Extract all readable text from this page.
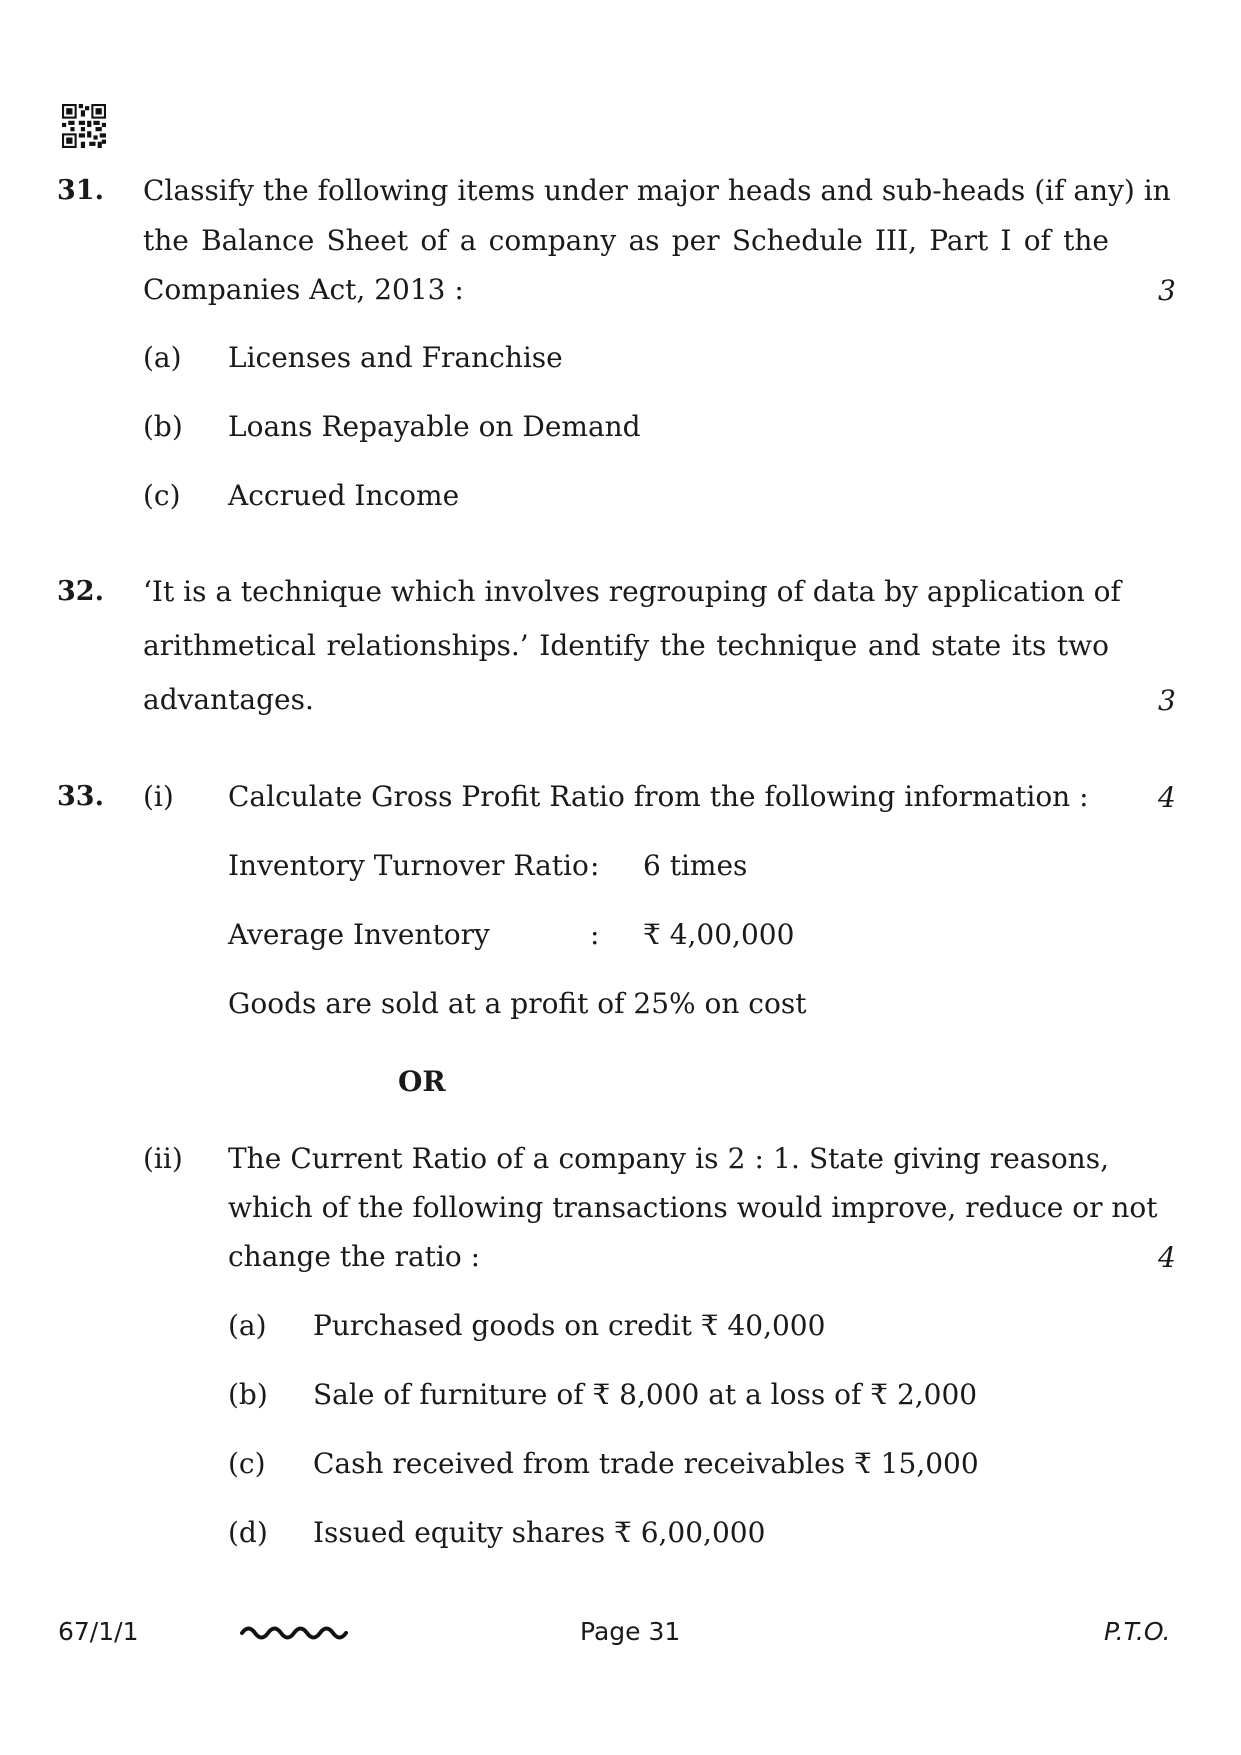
31. Classify the following items under major heads and sub-heads (if any) in
the Balance Sheet of a company as per Schedule III, Part I of the
Companies Act, 2013 :	3
(a) Licenses and Franchise
(b) Loans Repayable on Demand
(c) Accrued Income
32. ‘It is a technique which involves regrouping of data by application of
arithmetical relationships.’ Identify the technique and state its two
advantages.	3
33. (i) Calculate Gross Profit Ratio from the following information : 4
Inventory Turnover Ratio : 6 times
Average Inventory	: ₹ 4,00,000
Goods are sold at a profit of 25% on cost
OR
(ii) The Current Ratio of a company is 2 : 1. State giving reasons,
which of the following transactions would improve, reduce or not
change the ratio :	4
(a) Purchased goods on credit ₹ 40,000
(b) Sale of furniture of ₹ 8,000 at a loss of ₹ 2,000
(c) Cash received from trade receivables ₹ 15,000
(d) Issued equity shares ₹ 6,00,000
67/1/1	Page 31	P.T.O.
